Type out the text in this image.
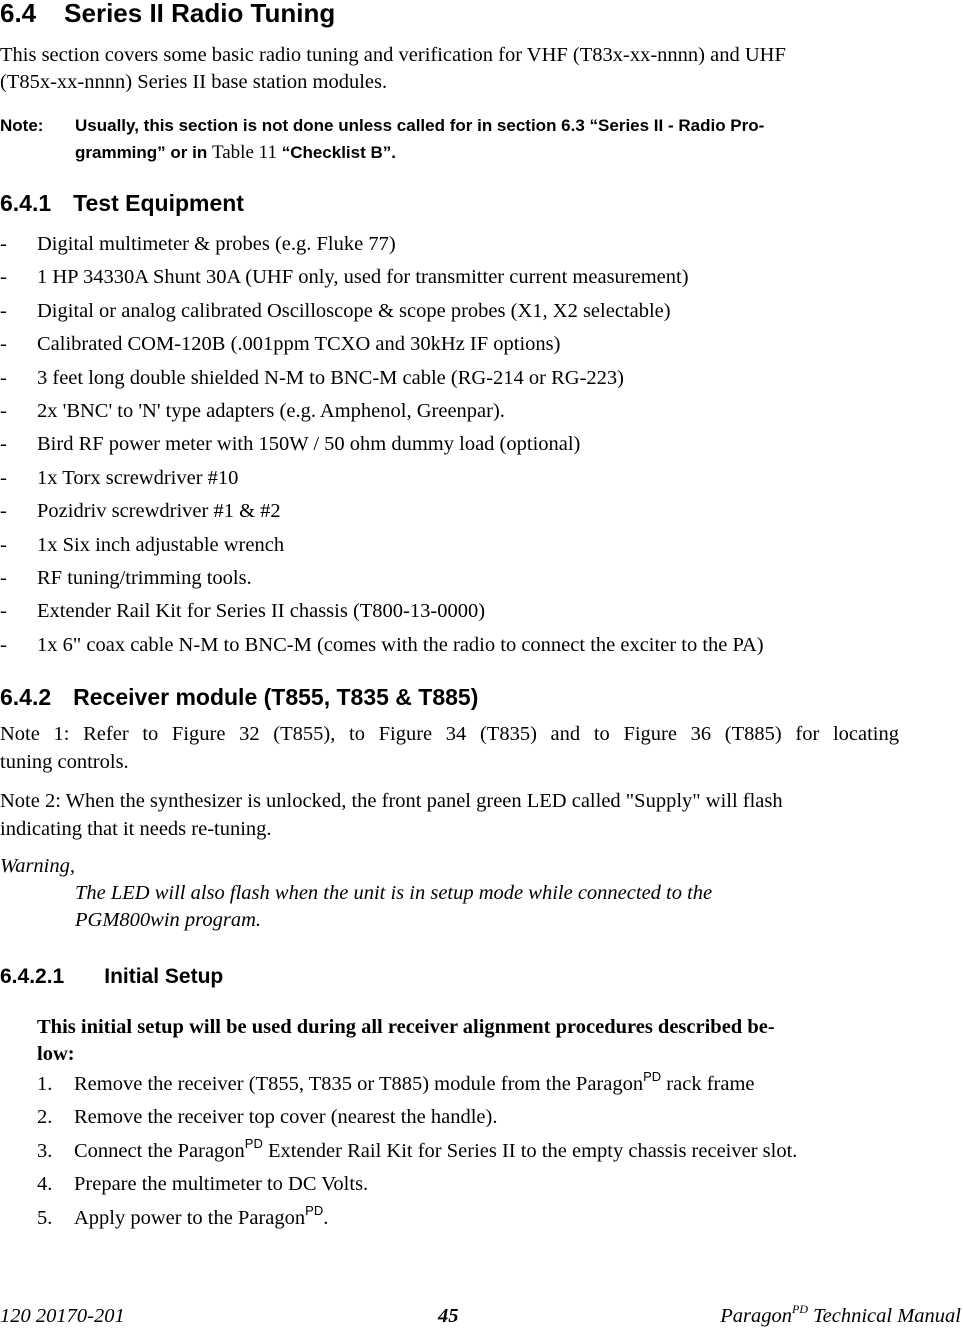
6.4 Series II Radio Tuning
This section covers some basic radio tuning and verification for VHF (T83x-xx-nnnn) and UHF
(T85x-xx-nnnn) Series II base station modules.
Note: Usually, this section is not done unless called for in section 6.3 “Series II - Radio Pro-
gramming” or in Table 11 “Checklist B”.
6.4.1 Test Equipment
- Digital multimeter & probes (e.g. Fluke 77)
- 1 HP 34330A Shunt 30A (UHF only, used for transmitter current measurement)
- Digital or analog calibrated Oscilloscope & scope probes (X1, X2 selectable)
- Calibrated COM-120B (.001ppm TCXO and 30kHz IF options)
- 3 feet long double shielded N-M to BNC-M cable (RG-214 or RG-223)
- 2x 'BNC' to 'N' type adapters (e.g. Amphenol, Greenpar).
- Bird RF power meter with 150W / 50 ohm dummy load (optional)
- 1x Torx screwdriver #10
- Pozidriv screwdriver #1 & #2
- 1x Six inch adjustable wrench
- RF tuning/trimming tools.
- Extender Rail Kit for Series II chassis (T800-13-0000)
- 1x 6" coax cable N-M to BNC-M (comes with the radio to connect the exciter to the PA)
6.4.2 Receiver module (T855, T835 & T885)
Note 1: Refer to Figure 32 (T855), to Figure 34 (T835) and to Figure 36 (T885) for locating
tuning controls.
Note 2: When the synthesizer is unlocked, the front panel green LED called "Supply" will flash
indicating that it needs re-tuning.
Warning,
The LED will also flash when the unit is in setup mode while connected to the
PGM800win program.
6.4.2.1 Initial Setup
This initial setup will be used during all receiver alignment procedures described be-
low:
1. Remove the receiver (T855, T835 or T885) module from the Paragon$^{PD}$ rack frame
2. Remove the receiver top cover (nearest the handle).
3. Connect the Paragon$^{PD}$ Extender Rail Kit for Series II to the empty chassis receiver slot.
4. Prepare the multimeter to DC Volts.
5. Apply power to the Paragon$^{PD}$.
120 20170-201	45	Paragon$^{PD}$ Technical Manual
